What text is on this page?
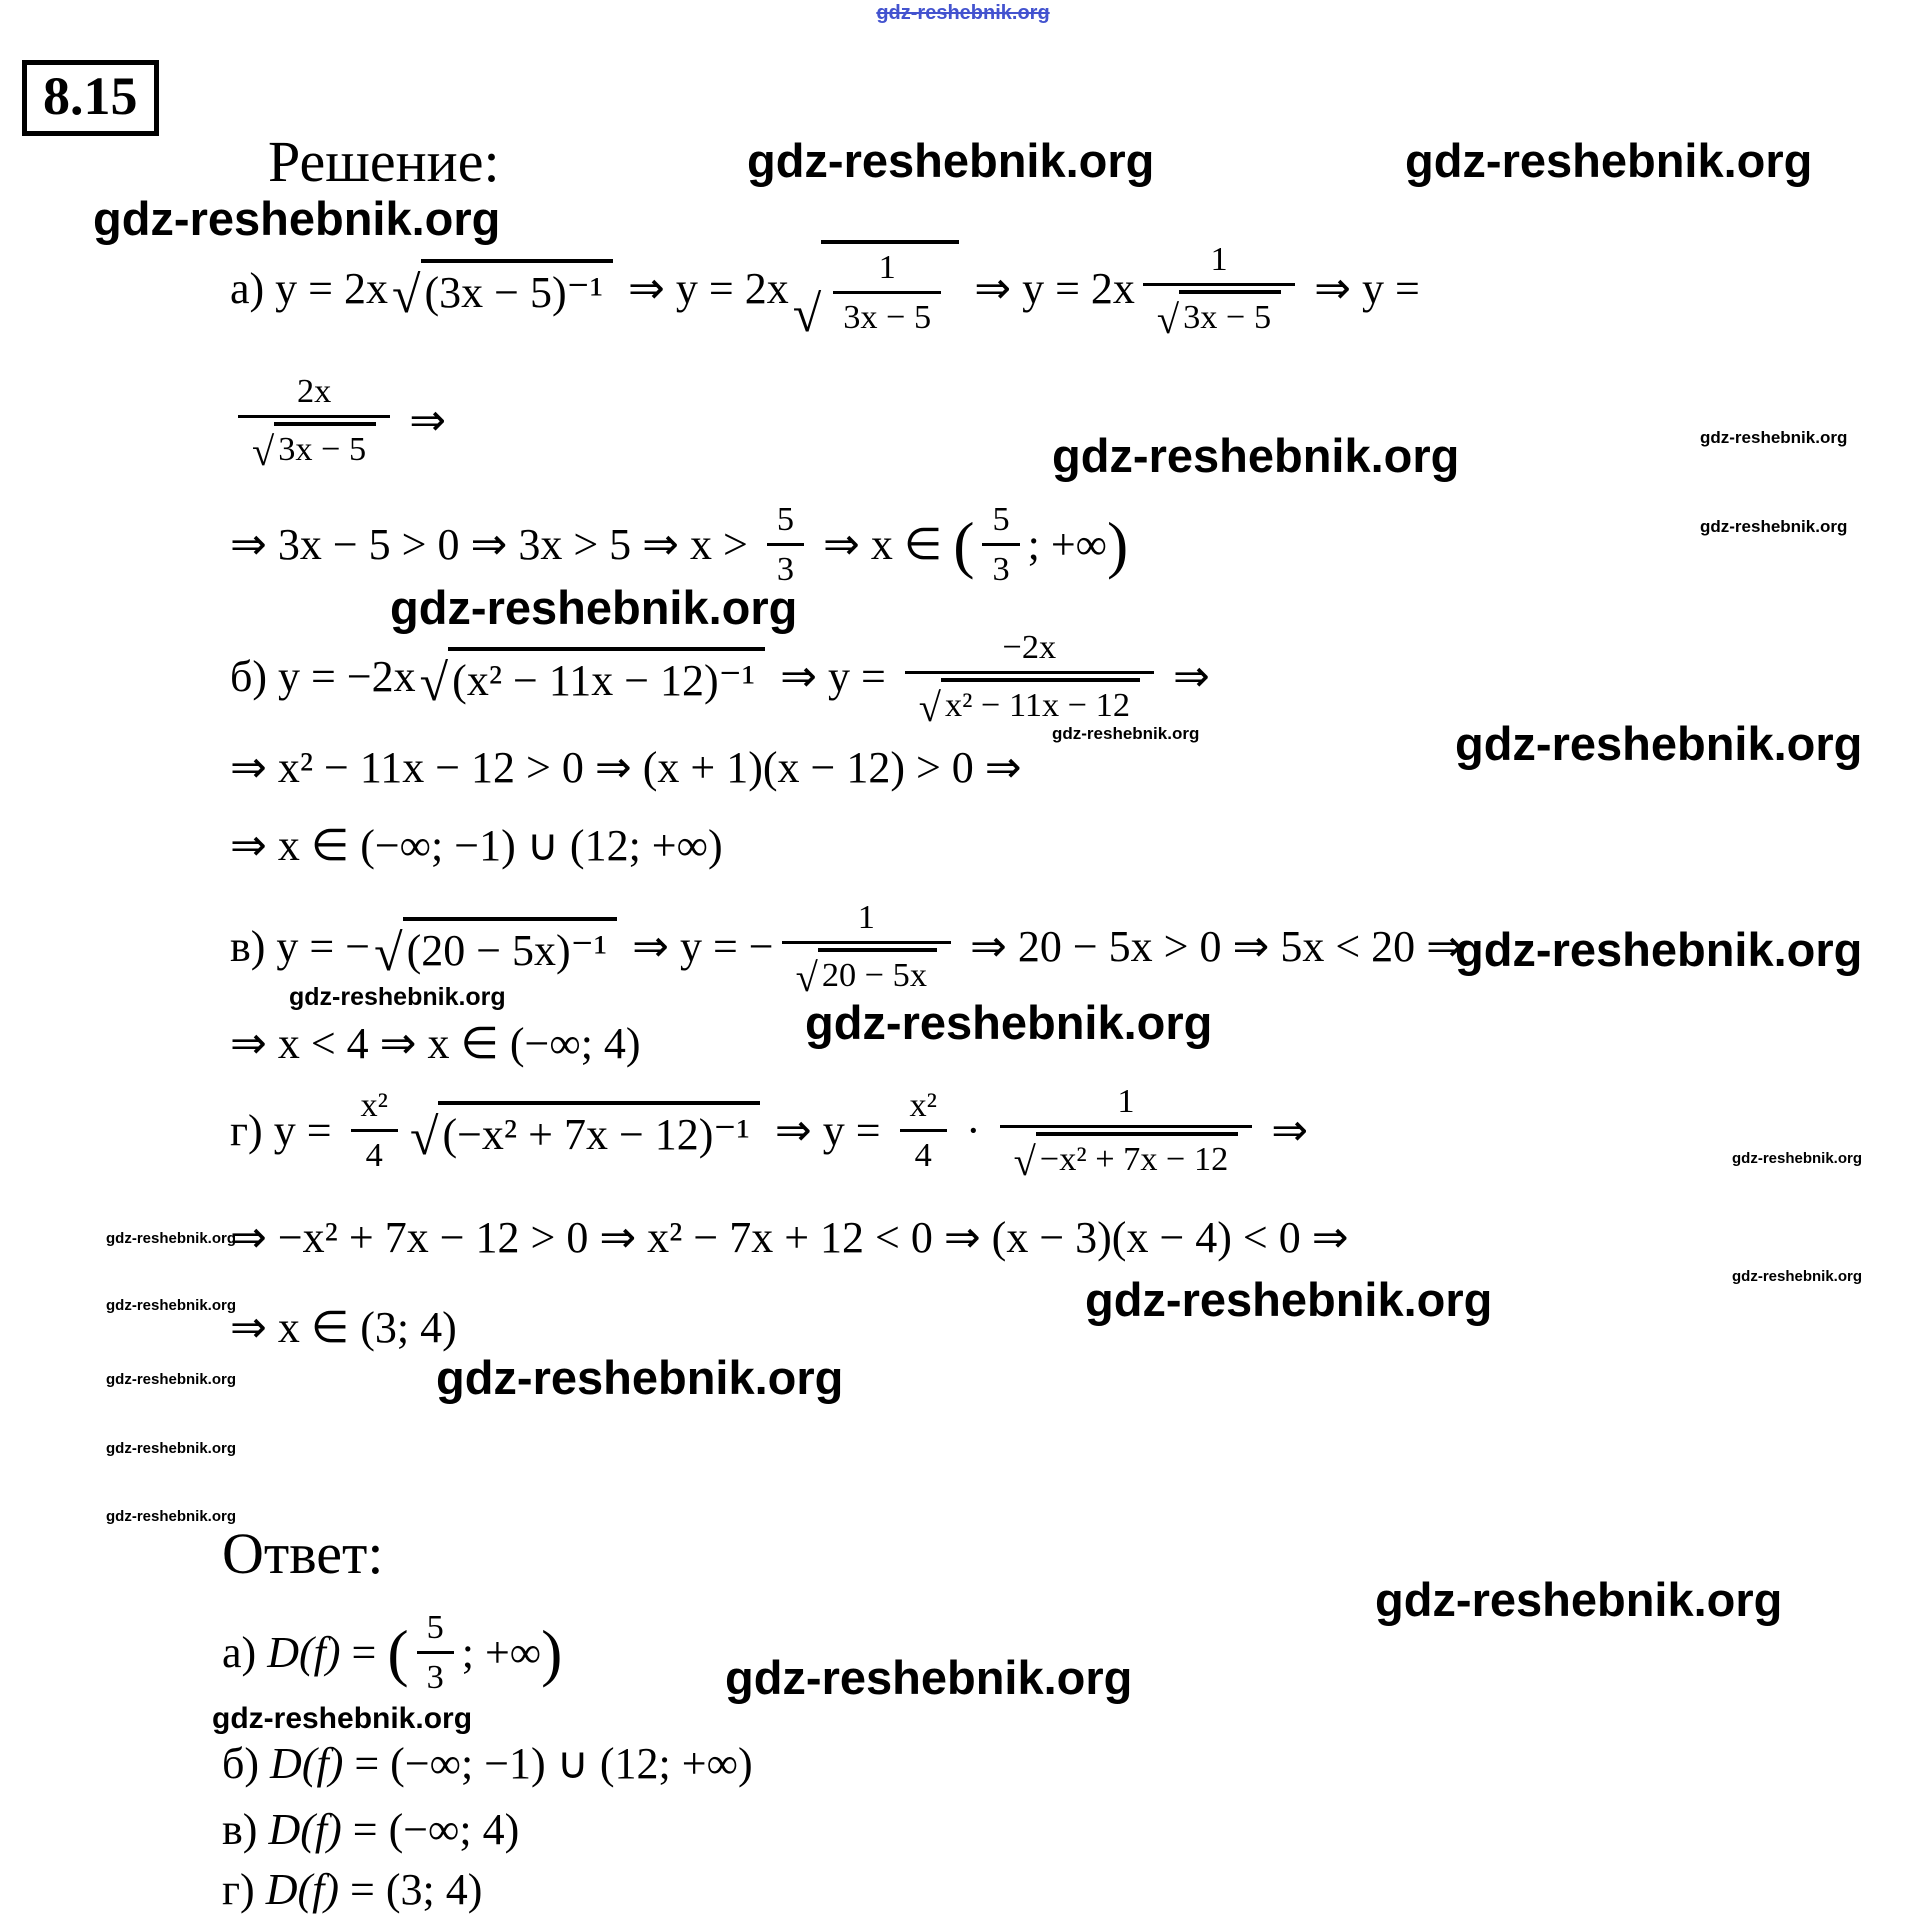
gdz-reshebnik.org
8.15
Решение:	gdz-reshebnik.org	gdz-reshebnik.org
gdz-reshebnik.org
а) y = 2x √ (3x − 5)⁻¹ ⇒ y = 2x √ $\frac{1}{3x - 5}$ ⇒ $y = 2x \frac{1}{√ 3x - 5}$ ⇒ y =
$\frac{2x}{√ 3x - 5}$ ⇒
gdz-reshebnik.org	gdz-reshebnik.org
gdz-reshebnik.org
⇒ 3x − 5 > 0 ⇒ 3x > 5 ⇒ $x > \frac{5}{3}$ ⇒ x ∈ ( $\frac{5}{3}$ ; +∞ )
gdz-reshebnik.org
б) y = −2x √ (x² − 11x − 12)⁻¹ ⇒ $y = \frac{-2x}{\text{√ x² − 11x − 12}}$ ⇒
gdz-reshebnik.org	gdz-reshebnik.org
⇒ x² − 11x − 12 > 0 ⇒ (x + 1)(x − 12) > 0 ⇒
⇒ x ∈ (−∞; −1) ∪ (12; +∞)
в) y = − √ (20 − 5x)⁻¹ ⇒ y = − $\frac{1}{√ 20 - 5x}$ ⇒ 20 − 5x > 0 ⇒ 5x < 20 ⇒
gdz-reshebnik.org
gdz-reshebnik.org	gdz-reshebnik.org
⇒ x < 4 ⇒ x ∈ (−∞; 4)
г) $y = \frac{\text{x²}}{4}$ √ (−x² + 7x − 12)⁻¹ ⇒ $y = \frac{\text{x²}}{4} \cdot \frac{1}{\text{√ −x² + 7x − 12}}$ ⇒
gdz-reshebnik.org
gdz-reshebnik.org
⇒ −x² + 7x − 12 > 0 ⇒ x² − 7x + 12 < 0 ⇒ (x − 3)(x − 4) < 0 ⇒
gdz-reshebnik.org
gdz-reshebnik.org
gdz-reshebnik.org
⇒ x ∈ (3; 4)
gdz-reshebnik.org
gdz-reshebnik.org
gdz-reshebnik.org
gdz-reshebnik.org
Ответ:
gdz-reshebnik.org
а) D(f) = ( $\frac{5}{3}$ ; +∞ )	gdz-reshebnik.org
gdz-reshebnik.org
б) D(f) = (−∞; −1) ∪ (12; +∞)
в) D(f) = (−∞; 4)
г) D(f) = (3; 4)
